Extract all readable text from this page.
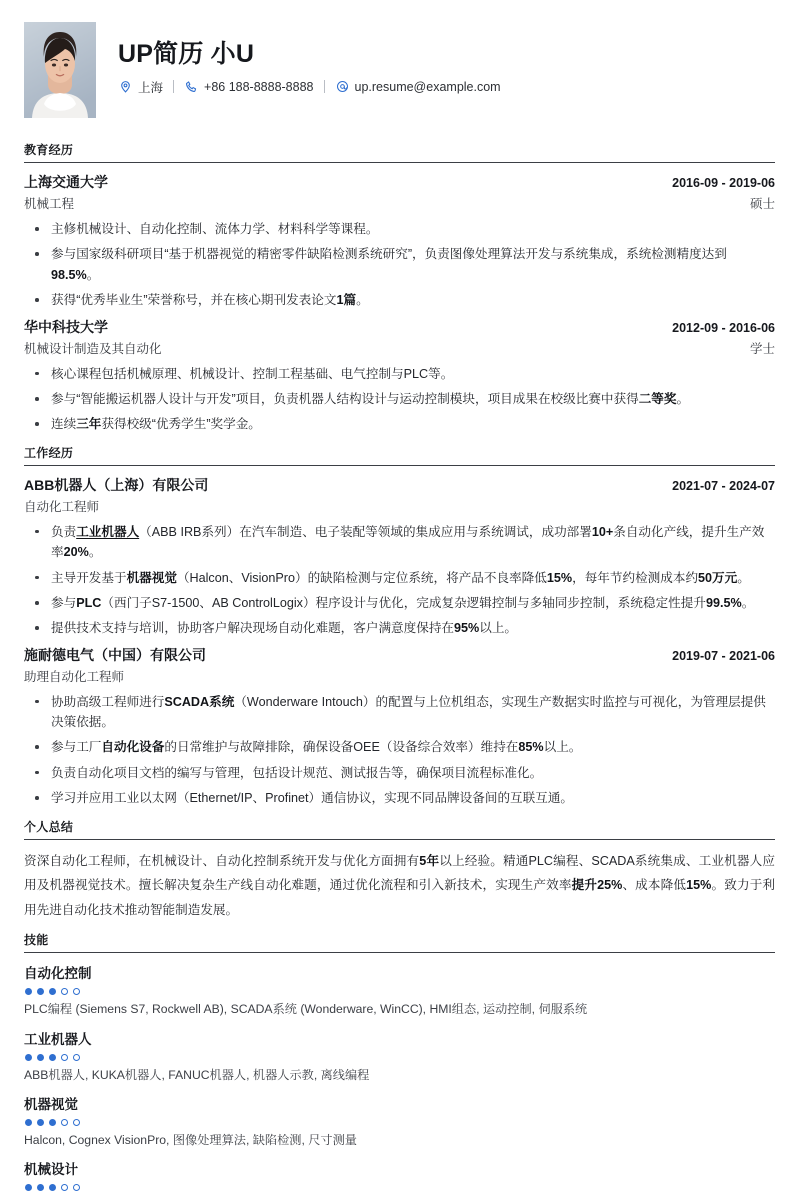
UP简历 小U
上海	+86 188-8888-8888	up.resume@example.com
教育经历
上海交通大学	2016-09 - 2019-06
机械工程	硕士
主修机械设计、自动化控制、流体力学、材料科学等课程。
参与国家级科研项目“基于机器视觉的精密零件缺陷检测系统研究”，负责图像处理算法开发与系统集成，系统检测精度达到98.5%。
获得“优秀毕业生”荣誉称号，并在核心期刊发表论文1篇。
华中科技大学	2012-09 - 2016-06
机械设计制造及其自动化	学士
核心课程包括机械原理、机械设计、控制工程基础、电气控制与PLC等。
参与“智能搬运机器人设计与开发”项目，负责机器人结构设计与运动控制模块，项目成果在校级比赛中获得二等奖。
连续三年获得校级“优秀学生”奖学金。
工作经历
ABB机器人（上海）有限公司	2021-07 - 2024-07
自动化工程师
负责工业机器人（ABB IRB系列）在汽车制造、电子装配等领域的集成应用与系统调试，成功部署10+条自动化产线，提升生产效率20%。
主导开发基于机器视觉（Halcon、VisionPro）的缺陷检测与定位系统，将产品不良率降低15%，每年节约检测成本约50万元。
参与PLC（西门子S7-1500、AB ControlLogix）程序设计与优化，完成复杂逻辑控制与多轴同步控制，系统稳定性提升99.5%。
提供技术支持与培训，协助客户解决现场自动化难题，客户满意度保持在95%以上。
施耐德电气（中国）有限公司	2019-07 - 2021-06
助理自动化工程师
协助高级工程师进行SCADA系统（Wonderware Intouch）的配置与上位机组态，实现生产数据实时监控与可视化，为管理层提供决策依据。
参与工厂自动化设备的日常维护与故障排除，确保设备OEE（设备综合效率）维持在85%以上。
负责自动化项目文档的编写与管理，包括设计规范、测试报告等，确保项目流程标准化。
学习并应用工业以太网（Ethernet/IP、Profinet）通信协议，实现不同品牌设备间的互联互通。
个人总结
资深自动化工程师，在机械设计、自动化控制系统开发与优化方面拥有5年以上经验。精通PLC编程、SCADA系统集成、工业机器人应用及机器视觉技术。擅长解决复杂生产线自动化难题，通过优化流程和引入新技术，实现生产效率提升25%、成本降低15%。致力于利用先进自动化技术推动智能制造发展。
技能
自动化控制
PLC编程 (Siemens S7, Rockwell AB), SCADA系统 (Wonderware, WinCC), HMI组态, 运动控制, 伺服系统
工业机器人
ABB机器人, KUKA机器人, FANUC机器人, 机器人示教, 离线编程
机器视觉
Halcon, Cognex VisionPro, 图像处理算法, 缺陷检测, 尺寸测量
机械设计
